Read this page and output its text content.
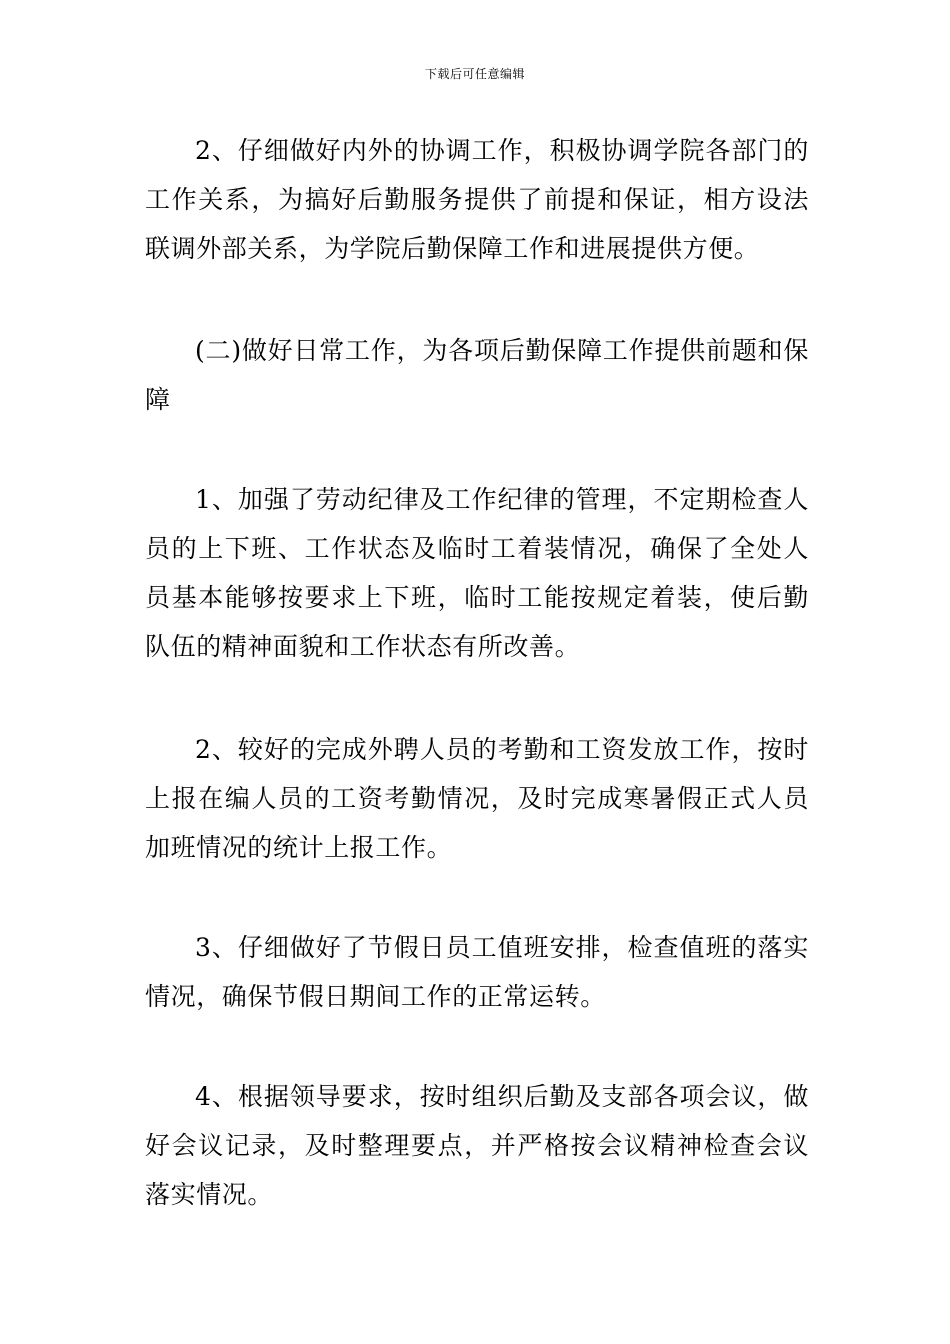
下载后可任意编辑

2、仔细做好内外的协调工作，积极协调学院各部门的工作关系，为搞好后勤服务提供了前提和保证，相方设法联调外部关系，为学院后勤保障工作和进展提供方便。

(二)做好日常工作，为各项后勤保障工作提供前题和保障

1、加强了劳动纪律及工作纪律的管理，不定期检查人员的上下班、工作状态及临时工着装情况，确保了全处人员基本能够按要求上下班，临时工能按规定着装，使后勤队伍的精神面貌和工作状态有所改善。

2、较好的完成外聘人员的考勤和工资发放工作，按时上报在编人员的工资考勤情况，及时完成寒暑假正式人员加班情况的统计上报工作。

3、仔细做好了节假日员工值班安排，检查值班的落实情况，确保节假日期间工作的正常运转。

4、根据领导要求，按时组织后勤及支部各项会议，做好会议记录，及时整理要点，并严格按会议精神检查会议落实情况。
